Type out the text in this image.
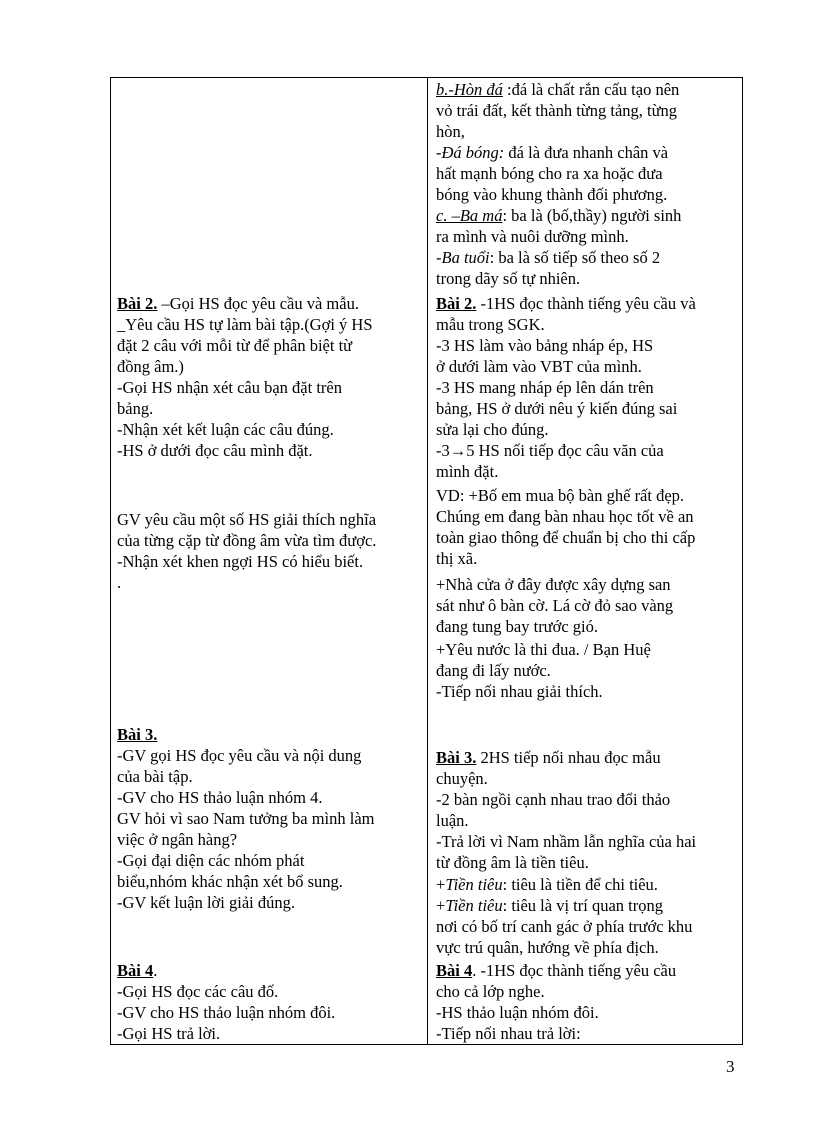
Bài 2. –Gọi HS đọc yêu cầu và mẫu.
_Yêu cầu HS tự làm bài tập.(Gợi ý HS
đặt 2 câu với mỗi từ để phân biệt từ
đồng âm.)
-Gọi HS nhận xét câu bạn đặt trên
bảng.
-Nhận xét kết luận các câu đúng.
-HS ở dưới đọc câu mình đặt.
GV yêu cầu một số HS giải thích nghĩa
của từng cặp từ đồng âm vừa tìm được.
-Nhận xét khen ngợi HS có hiểu biết.
.
Bài 3.
-GV gọi HS đọc yêu cầu và nội dung
của bài tập.
-GV cho HS thảo luận nhóm 4.
GV hỏi vì sao Nam tưởng ba mình làm
việc ở ngân hàng?
-Gọi đại diện các nhóm phát
biểu,nhóm khác nhận xét bổ sung.
-GV kết luận lời giải đúng.
Bài 4.
-Gọi HS đọc các câu đố.
-GV cho HS thảo luận nhóm đôi.
-Gọi HS trả lời.
b.-Hòn đá :đá là chất rắn cấu tạo nên
vỏ trái đất, kết thành từng tảng, từng
hòn,
-Đá bóng: đá là đưa nhanh chân và
hất mạnh bóng cho ra xa hoặc đưa
bóng vào khung thành đối phương.
c. –Ba má: ba là (bố,thầy) người sinh
ra mình và nuôi dưỡng mình.
-Ba tuổi: ba là số tiếp số theo số 2
trong dãy số tự nhiên.
Bài 2. -1HS đọc thành tiếng yêu cầu và
mẫu trong SGK.
-3 HS làm vào bảng nháp ép, HS
ở dưới làm vào VBT của mình.
-3 HS mang nháp ép lên dán trên
bảng, HS ở dưới nêu ý kiến đúng sai
sửa lại cho đúng.
-3→5 HS nối tiếp đọc câu văn của
mình đặt.
VD: +Bố em mua bộ bàn ghế rất đẹp.
Chúng em đang bàn nhau học tốt về an
toàn giao thông để chuẩn bị cho thi cấp
thị xã.
+Nhà cửa ở đây được xây dựng san
sát như ô bàn cờ. Lá cờ đỏ sao vàng
đang tung bay trước gió.
+Yêu nước là thi đua. / Bạn Huệ
đang đi lấy nước.
-Tiếp nối nhau giải thích.
Bài 3. 2HS tiếp nối nhau đọc mẫu
chuyện.
-2 bàn ngồi cạnh nhau trao đổi thảo
luận.
-Trả lời vì Nam nhầm lẫn nghĩa của hai
từ đồng âm là tiền tiêu.
+Tiền tiêu: tiêu là tiền để chi tiêu.
+Tiền tiêu: tiêu là vị trí quan trọng
nơi có bố trí canh gác ở phía trước khu
vực trú quân, hướng về phía địch.
Bài 4. -1HS đọc thành tiếng yêu cầu
cho cả lớp nghe.
-HS thảo luận nhóm đôi.
-Tiếp nối nhau trả lời:
3
